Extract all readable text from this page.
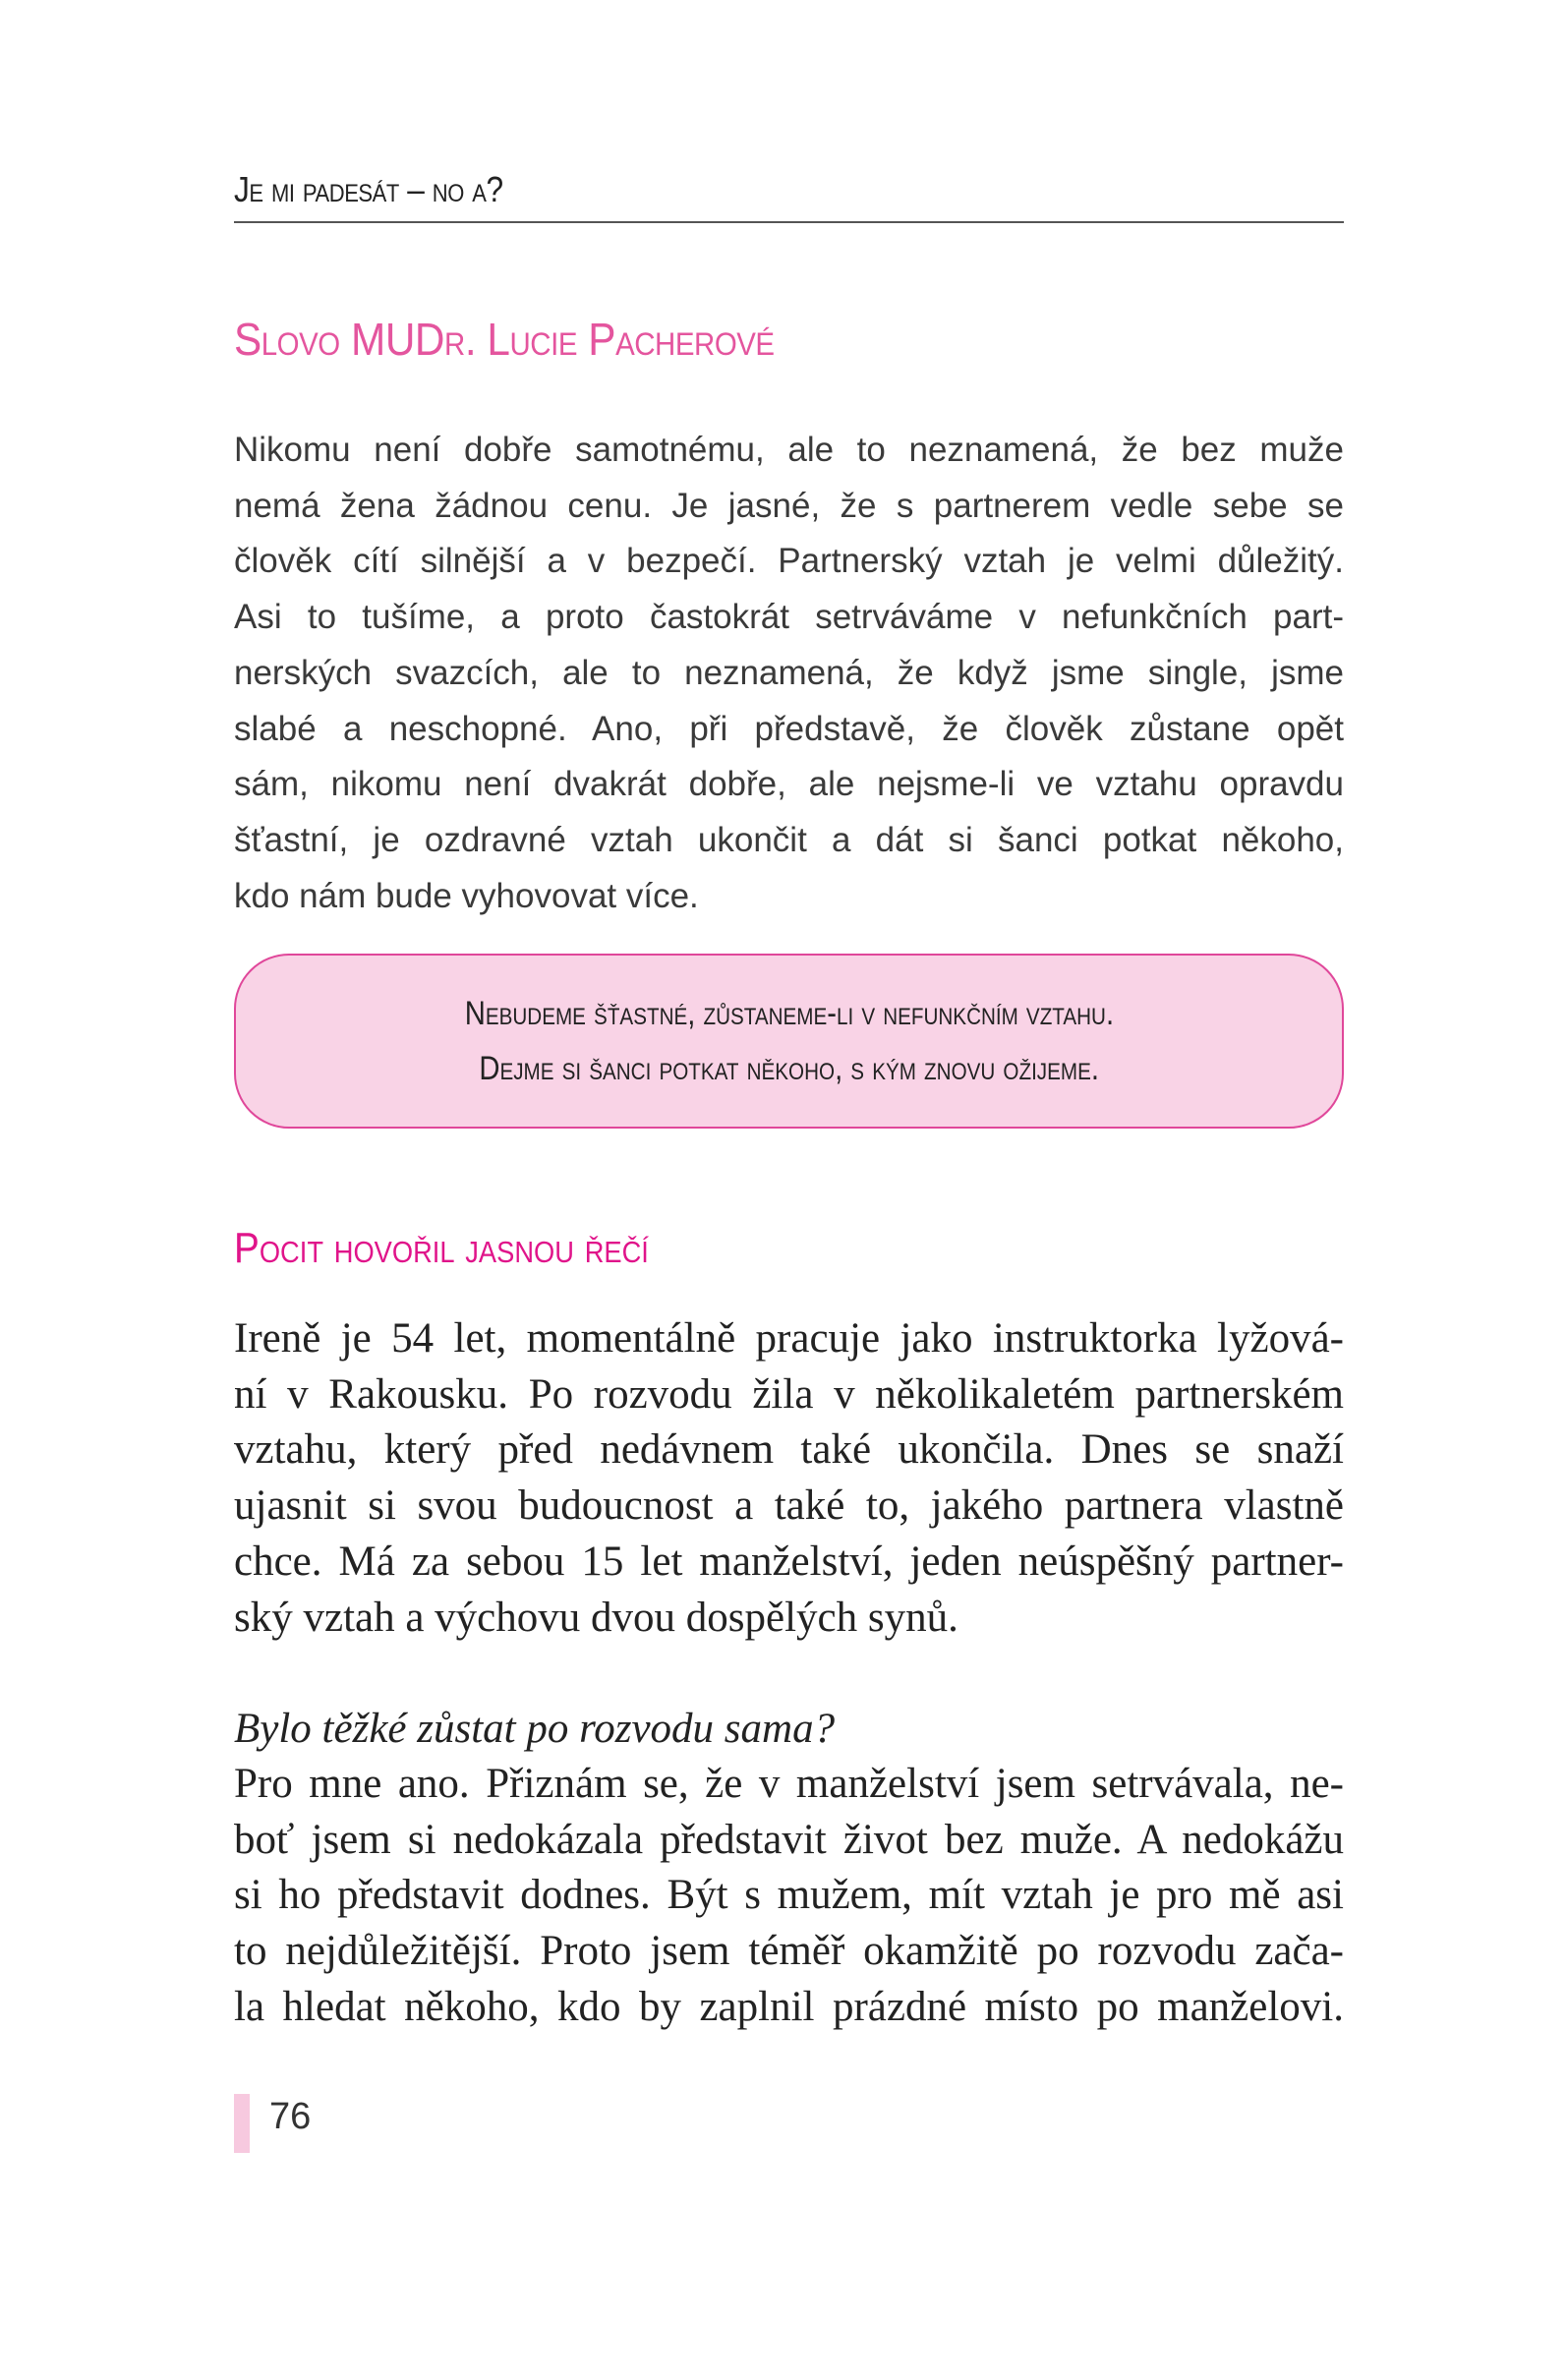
Je mi padesát – no a?
Slovo MUDr. Lucie Pacherové
Nikomu není dobře samotnému, ale to neznamená, že bez muže
nemá žena žádnou cenu. Je jasné, že s partnerem vedle sebe se
člověk cítí silnější a v bezpečí. Partnerský vztah je velmi důležitý.
Asi to tušíme, a proto častokrát setrváváme v nefunkčních part-
nerských svazcích, ale to neznamená, že když jsme single, jsme
slabé a neschopné. Ano, při představě, že člověk zůstane opět
sám, nikomu není dvakrát dobře, ale nejsme-li ve vztahu opravdu
šťastní, je ozdravné vztah ukončit a dát si šanci potkat někoho,
kdo nám bude vyhovovat více.
Nebudeme šťastné, zůstaneme-li v nefunkčním vztahu.
Dejme si šanci potkat někoho, s kým znovu ožijeme.
Pocit hovořil jasnou řečí
Ireně je 54 let, momentálně pracuje jako instruktorka lyžová-
ní v Rakousku. Po rozvodu žila v několikaletém partnerském
vztahu, který před nedávnem také ukončila. Dnes se snaží
ujasnit si svou budoucnost a také to, jakého partnera vlastně
chce. Má za sebou 15 let manželství, jeden neúspěšný partner-
ský vztah a výchovu dvou dospělých synů.
Bylo těžké zůstat po rozvodu sama?
Pro mne ano. Přiznám se, že v manželství jsem setrvávala, ne-
boť jsem si nedokázala představit život bez muže. A nedokážu
si ho představit dodnes. Být s mužem, mít vztah je pro mě asi
to nejdůležitější. Proto jsem téměř okamžitě po rozvodu zača-
la hledat někoho, kdo by zaplnil prázdné místo po manželovi.
76
